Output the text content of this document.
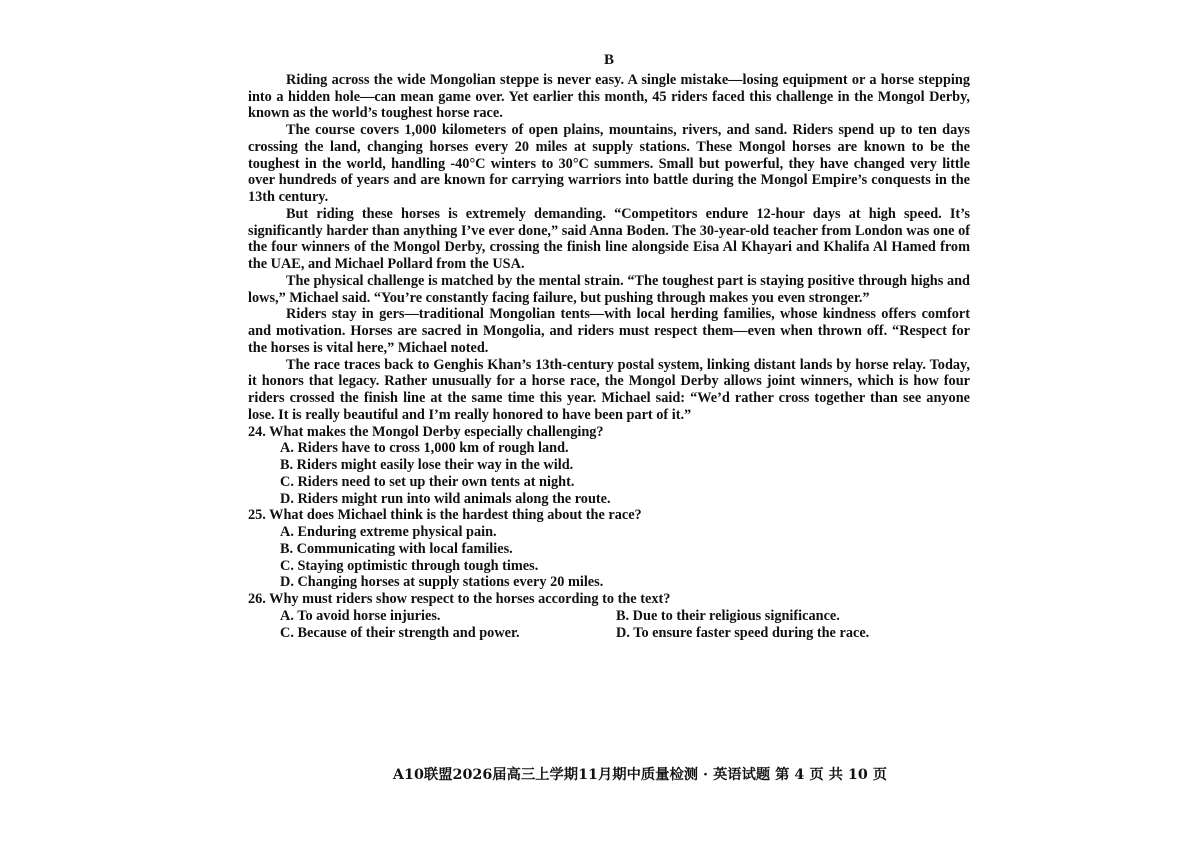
B

Riding across the wide Mongolian steppe is never easy. A single mistake—losing equipment or a horse stepping into a hidden hole—can mean game over. Yet earlier this month, 45 riders faced this challenge in the Mongol Derby, known as the world’s toughest horse race.

The course covers 1,000 kilometers of open plains, mountains, rivers, and sand. Riders spend up to ten days crossing the land, changing horses every 20 miles at supply stations. These Mongol horses are known to be the toughest in the world, handling -40°C winters to 30°C summers. Small but powerful, they have changed very little over hundreds of years and are known for carrying warriors into battle during the Mongol Empire’s conquests in the 13th century.

But riding these horses is extremely demanding. “Competitors endure 12-hour days at high speed. It’s significantly harder than anything I’ve ever done,” said Anna Boden. The 30-year-old teacher from London was one of the four winners of the Mongol Derby, crossing the finish line alongside Eisa Al Khayari and Khalifa Al Hamed from the UAE, and Michael Pollard from the USA.

The physical challenge is matched by the mental strain. “The toughest part is staying positive through highs and lows,” Michael said. “You’re constantly facing failure, but pushing through makes you even stronger.”

Riders stay in gers—traditional Mongolian tents—with local herding families, whose kindness offers comfort and motivation. Horses are sacred in Mongolia, and riders must respect them—even when thrown off. “Respect for the horses is vital here,” Michael noted.

The race traces back to Genghis Khan’s 13th-century postal system, linking distant lands by horse relay. Today, it honors that legacy. Rather unusually for a horse race, the Mongol Derby allows joint winners, which is how four riders crossed the finish line at the same time this year. Michael said: “We’d rather cross together than see anyone lose. It is really beautiful and I’m really honored to have been part of it.”

24. What makes the Mongol Derby especially challenging?

A. Riders have to cross 1,000 km of rough land.

B. Riders might easily lose their way in the wild.

C. Riders need to set up their own tents at night.

D. Riders might run into wild animals along the route.

25. What does Michael think is the hardest thing about the race?

A. Enduring extreme physical pain.

B. Communicating with local families.

C. Staying optimistic through tough times.

D. Changing horses at supply stations every 20 miles.

26. Why must riders show respect to the horses according to the text?

A. To avoid horse injuries.	B. Due to their religious significance.
C. Because of their strength and power.	D. To ensure faster speed during the race.
A10联盟2026届高三上学期11月期中质量检测 · 英语试题 第 4 页 共 10 页
